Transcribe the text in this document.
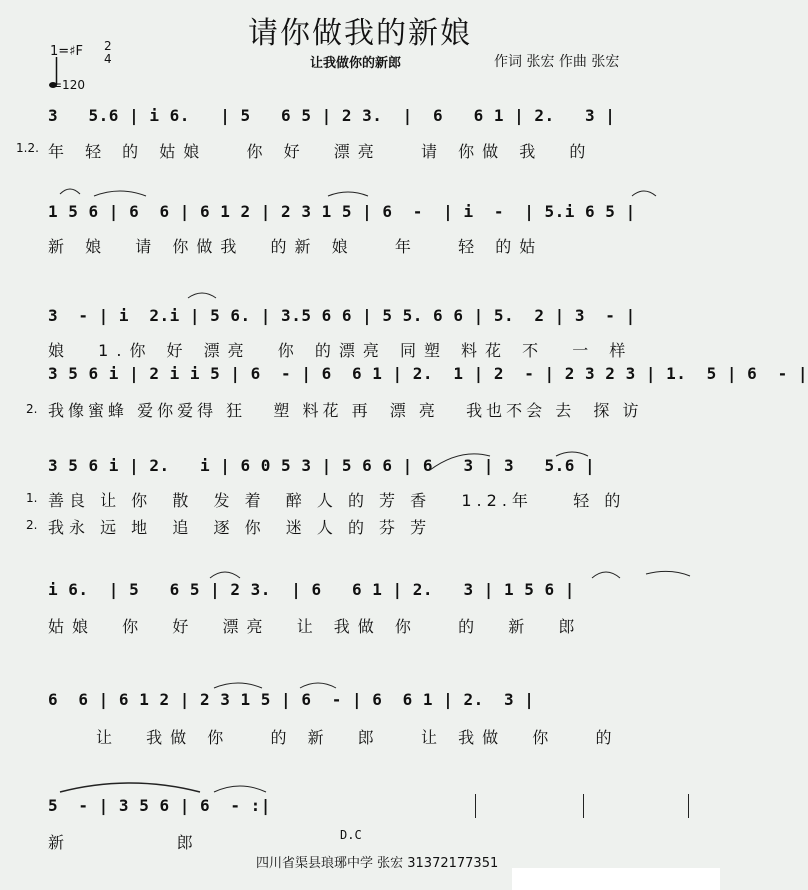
请你做我的新娘
1=♯F 2
4
=120
让我做你的新郎	作词 张宏 作曲 张宏
3   5.6 | i 6.   | 5   6 5 | 2 3.  |  6   6 1 | 2.   3 |
1.2. 年 轻 的 姑娘   你 好  漂亮   请 你做 我  的
1 5 6 | 6  6 | 6 1 2 | 2 3 1 5 | 6  -  | i  -  | 5.i 6 5 |
新 娘  请 你做我  的新 娘   年   轻 的姑
3  - | i  2.i | 5 6. | 3.5 6 6 | 5 5. 6 6 | 5.  2 | 3  - |
娘  1.你 好 漂亮  你 的漂亮 同塑 料花 不  一 样
3 5 6 i | 2 i i 5 | 6  - | 6  6 1 | 2.  1 | 2  - | 2 3 2 3 | 1.  5 | 6  - |
2. 我像蜜蜂 爱你爱得 狂   塑 料花 再  漂 亮   我也不会 去  探 访
3 5 6 i | 2.   i | 6 0 5 3 | 5 6 6 | 6   3 | 3   5.6 |
1. 善良 让 你  散  发 着  醉 人 的 芳 香   1.2.年    轻 的
2. 我永 远 地  追  逐 你  迷 人 的 芬 芳
i 6.  | 5   6 5 | 2 3.  | 6   6 1 | 2.   3 | 1 5 6 |
姑娘  你  好  漂亮  让 我做 你   的  新  郎
6  6 | 6 1 2 | 2 3 1 5 | 6  - | 6  6 1 | 2.  3 |
让  我做 你   的 新  郎   让 我做  你   的
5  - | 3 5 6 | 6  - :|
新        郎	D.C
四川省渠县琅琊中学 张宏 31372177351
